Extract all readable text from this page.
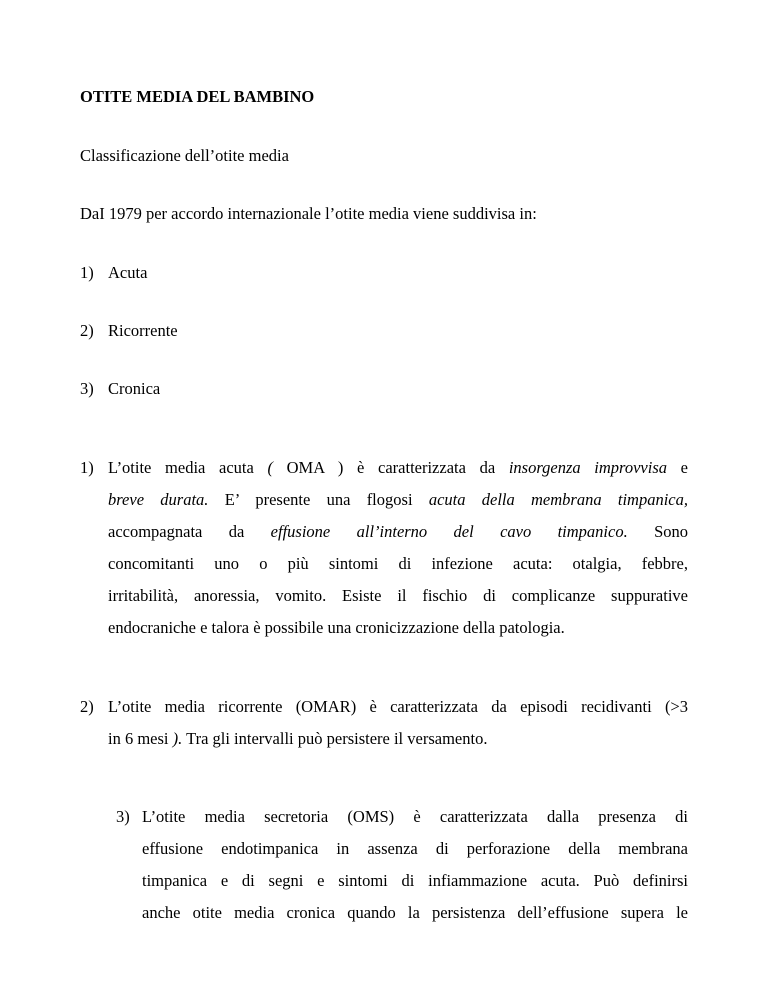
OTITE MEDIA DEL BAMBINO
Classificazione dell’otite media
DaI 1979 per accordo internazionale l’otite media viene suddivisa in:
1) Acuta
2) Ricorrente
3) Cronica
1) L’otite media acuta ( OMA ) è caratterizzata da insorgenza improvvisa e
breve durata. E’ presente una flogosi acuta della membrana timpanica,
accompagnata da effusione all’interno del cavo timpanico. Sono
concomitanti uno o più sintomi di infezione acuta: otalgia, febbre,
irritabilità, anoressia, vomito. Esiste il fischio di complicanze suppurative
endocraniche e talora è possibile una cronicizzazione della patologia.
2) L’otite media ricorrente (OMAR) è caratterizzata da episodi recidivanti (>3
in 6 mesi ). Tra gli intervalli può persistere il versamento.
3) L’otite media secretoria (OMS) è caratterizzata dalla presenza di
effusione endotimpanica in assenza di perforazione della membrana
timpanica e di segni e sintomi di infiammazione acuta. Può definirsi
anche otite media cronica quando la persistenza dell’effusione supera le
